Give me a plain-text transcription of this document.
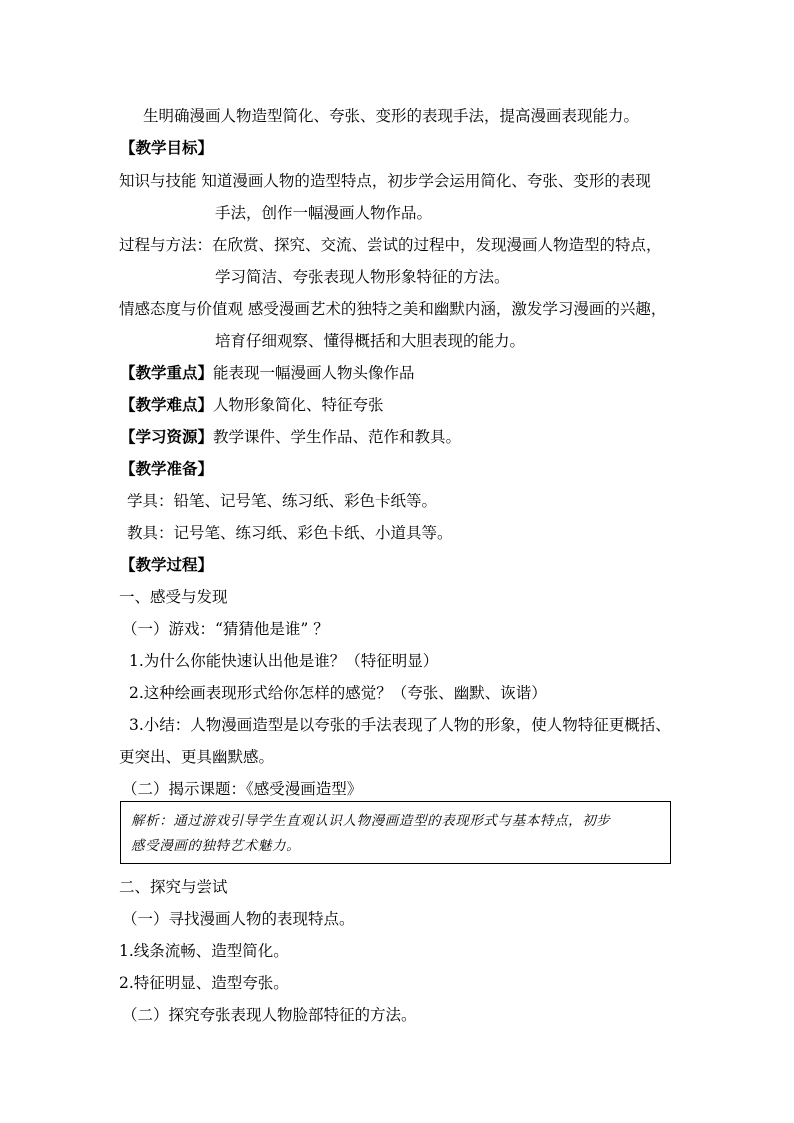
生明确漫画人物造型简化、夸张、变形的表现手法，提高漫画表现能力。
【教学目标】
知识与技能 知道漫画人物的造型特点，初步学会运用简化、夸张、变形的表现
手法，创作一幅漫画人物作品。
过程与方法：在欣赏、探究、交流、尝试的过程中，发现漫画人物造型的特点，
学习简洁、夸张表现人物形象特征的方法。
情感态度与价值观 感受漫画艺术的独特之美和幽默内涵，激发学习漫画的兴趣，
培育仔细观察、懂得概括和大胆表现的能力。
【教学重点】能表现一幅漫画人物头像作品
【教学难点】人物形象简化、特征夸张
【学习资源】教学课件、学生作品、范作和教具。
【教学准备】
学具：铅笔、记号笔、练习纸、彩色卡纸等。
教具：记号笔、练习纸、彩色卡纸、小道具等。
【教学过程】
一、感受与发现
（一）游戏：“猜猜他是谁” ？
1.为什么你能快速认出他是谁？（特征明显）
2.这种绘画表现形式给你怎样的感觉？（夸张、幽默、诙谐）
3.小结：人物漫画造型是以夸张的手法表现了人物的形象，使人物特征更概括、
更突出、更具幽默感。
（二）揭示课题：《感受漫画造型》
解析：通过游戏引导学生直观认识人物漫画造型的表现形式与基本特点，初步
感受漫画的独特艺术魅力。
二、探究与尝试
（一）寻找漫画人物的表现特点。
1.线条流畅、造型简化。
2.特征明显、造型夸张。
（二）探究夸张表现人物脸部特征的方法。
